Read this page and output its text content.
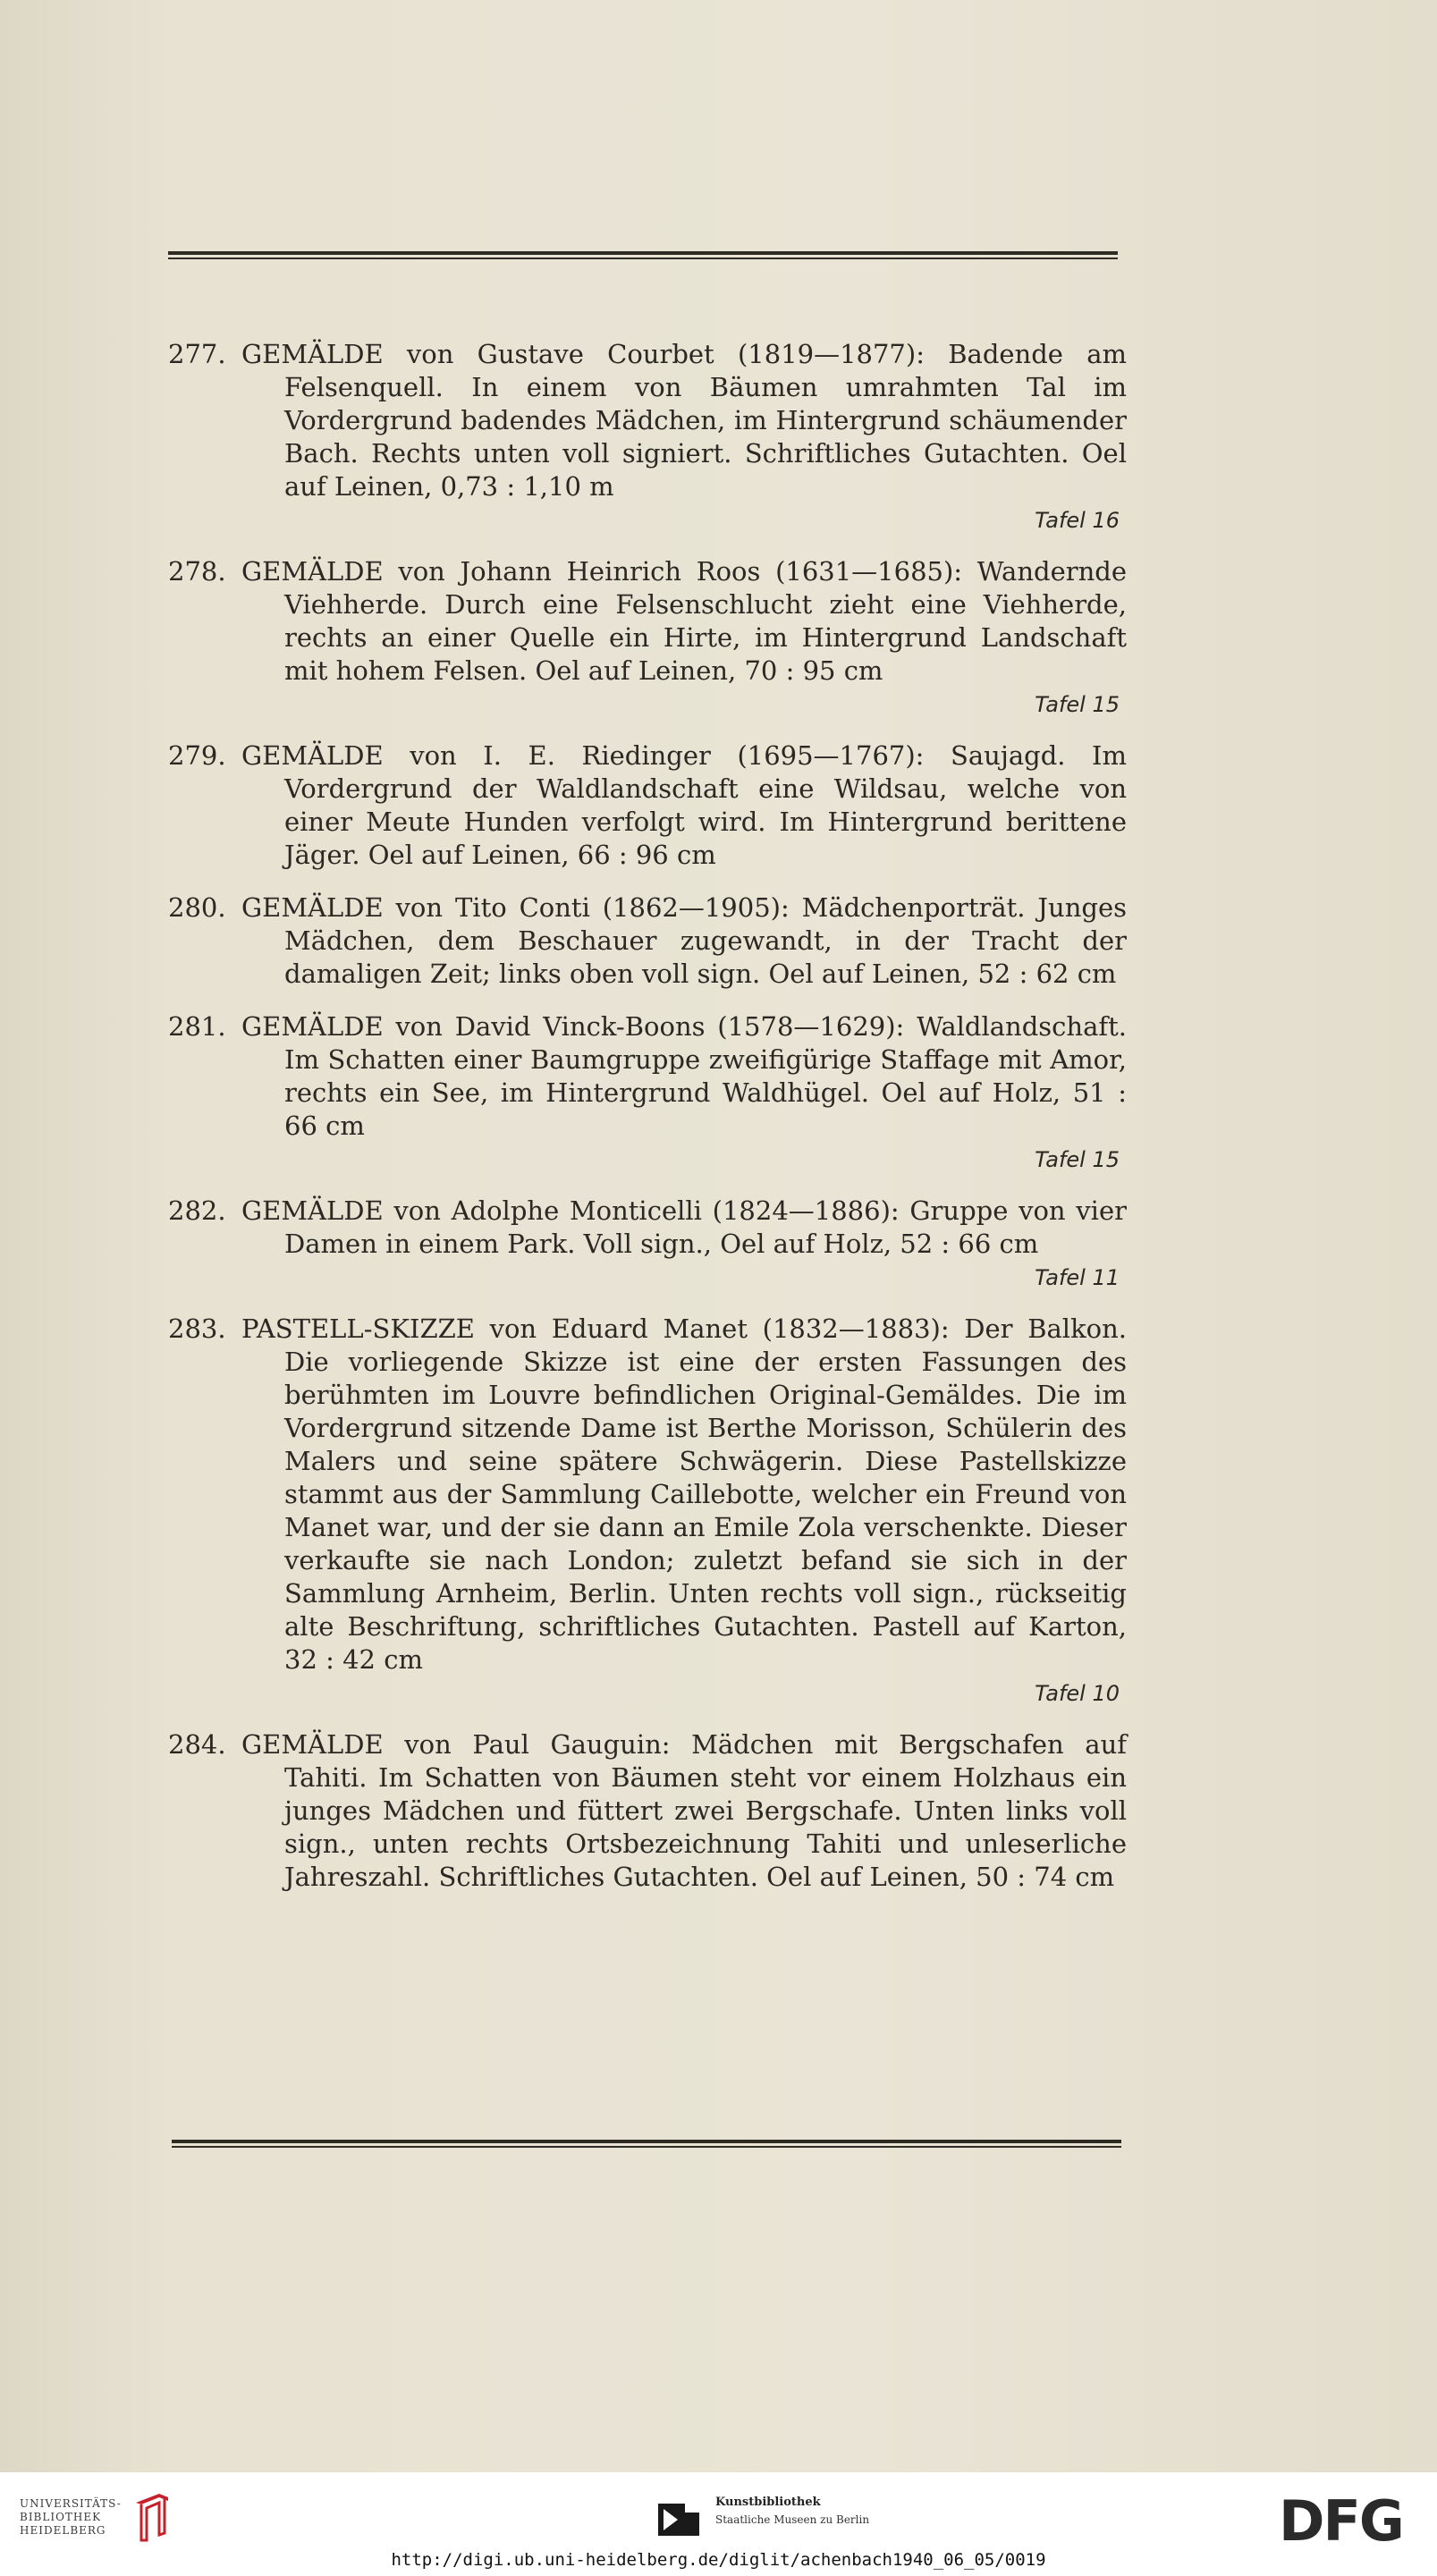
277. GEMÄLDE von Gustave Courbet (1819—1877): Badende am Felsenquell. In einem von Bäumen umrahmten Tal im Vordergrund badendes Mädchen, im Hintergrund schäumender Bach. Rechts unten voll signiert. Schriftliches Gutachten. Oel auf Leinen, 0,73 : 1,10 m
Tafel 16
278. GEMÄLDE von Johann Heinrich Roos (1631—1685): Wandernde Viehherde. Durch eine Felsenschlucht zieht eine Viehherde, rechts an einer Quelle ein Hirte, im Hintergrund Landschaft mit hohem Felsen. Oel auf Leinen, 70 : 95 cm
Tafel 15
279. GEMÄLDE von I. E. Riedinger (1695—1767): Saujagd. Im Vordergrund der Waldlandschaft eine Wildsau, welche von einer Meute Hunden verfolgt wird. Im Hintergrund berittene Jäger. Oel auf Leinen, 66 : 96 cm
280. GEMÄLDE von Tito Conti (1862—1905): Mädchenporträt. Junges Mädchen, dem Beschauer zugewandt, in der Tracht der damaligen Zeit; links oben voll sign. Oel auf Leinen, 52 : 62 cm
281. GEMÄLDE von David Vinck-Boons (1578—1629): Waldlandschaft. Im Schatten einer Baumgruppe zweifigürige Staffage mit Amor, rechts ein See, im Hintergrund Waldhügel. Oel auf Holz, 51 : 66 cm
Tafel 15
282. GEMÄLDE von Adolphe Monticelli (1824—1886): Gruppe von vier Damen in einem Park. Voll sign., Oel auf Holz, 52 : 66 cm
Tafel 11
283. PASTELL-SKIZZE von Eduard Manet (1832—1883): Der Balkon. Die vorliegende Skizze ist eine der ersten Fassungen des berühmten im Louvre befindlichen Original-Gemäldes. Die im Vordergrund sitzende Dame ist Berthe Morisson, Schülerin des Malers und seine spätere Schwägerin. Diese Pastellskizze stammt aus der Sammlung Caillebotte, welcher ein Freund von Manet war, und der sie dann an Emile Zola verschenkte. Dieser verkaufte sie nach London; zuletzt befand sie sich in der Sammlung Arnheim, Berlin. Unten rechts voll sign., rückseitig alte Beschriftung, schriftliches Gutachten. Pastell auf Karton, 32 : 42 cm
Tafel 10
284. GEMÄLDE von Paul Gauguin: Mädchen mit Bergschafen auf Tahiti. Im Schatten von Bäumen steht vor einem Holzhaus ein junges Mädchen und füttert zwei Bergschafe. Unten links voll sign., unten rechts Ortsbezeichnung Tahiti und unleserliche Jahreszahl. Schriftliches Gutachten. Oel auf Leinen, 50 : 74 cm
UNIVERSITÄTS-
BIBLIOTHEK
HEIDELBERG
Kunstbibliothek
Staatliche Museen zu Berlin	DFG
http://digi.ub.uni-heidelberg.de/diglit/achenbach1940_06_05/0019
